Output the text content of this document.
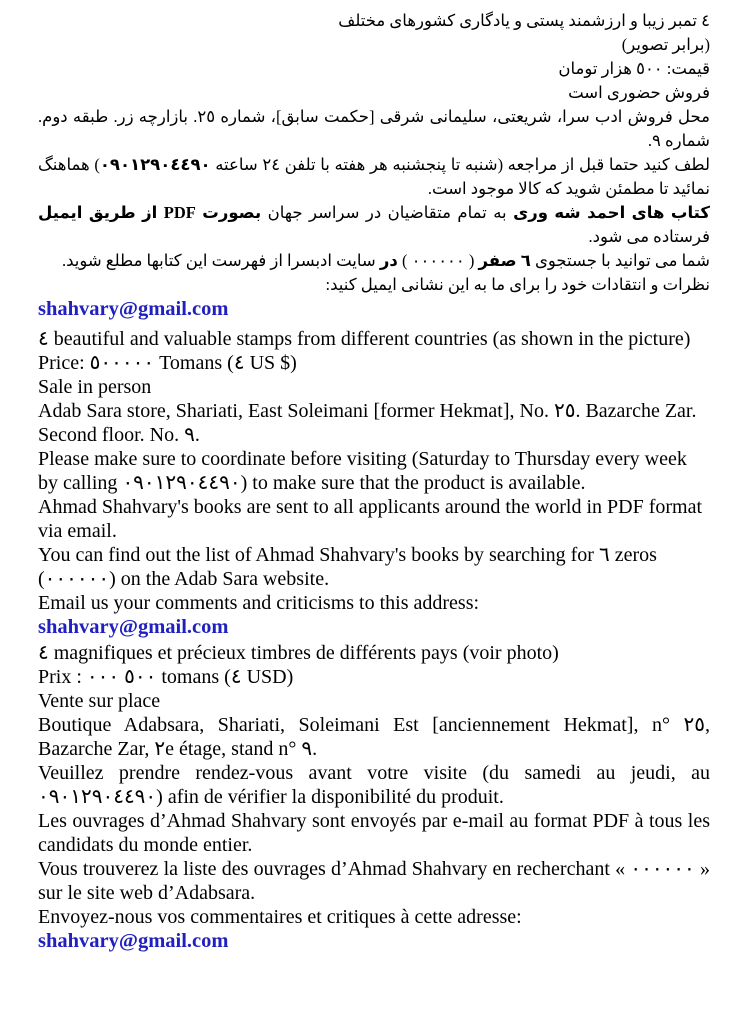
٤ تمبر زیبا و ارزشمند پستی و یادگاری کشورهای مختلف

(برابر تصویر)

قیمت: ٥٠٠ هزار تومان

فروش حضوری است

محل فروش ادب سرا، شریعتی، سلیمانی شرقی [حکمت سابق]، شماره ٢٥. بازارچه زر. طبقه دوم. شماره ٩.

لطف کنید حتما قبل از مراجعه (شنبه تا پنجشنبه هر هفته با تلفن ٢٤ ساعته ٠٩٠١٢٩٠٤٤٩٠) هماهنگ نمائید تا مطمئن شوید که کالا موجود است.

کتاب های احمد شه وری به تمام متقاضیان در سراسر جهان بصورت PDF از طریق ایمیل فرستاده می شود.

شما می توانید با جستجوی ٦ صفر ( ٠٠٠٠٠٠ ) در سایت ادبسرا از فهرست این کتابها مطلع شوید.

نظرات و انتقادات خود را برای ما به این نشانی ایمیل کنید:

shahvary@gmail.com

٤ beautiful and valuable stamps from different countries (as shown in the picture)

Price: ٥٠٠٠٠٠ Tomans (٤ US $)

Sale in person

Adab Sara store, Shariati, East Soleimani [former Hekmat], No. ٢٥. Bazarche Zar. Second floor. No. ٩.

Please make sure to coordinate before visiting (Saturday to Thursday every week by calling ٠٩٠١٢٩٠٤٤٩٠) to make sure that the product is available.

Ahmad Shahvary's books are sent to all applicants around the world in PDF format via email.

You can find out the list of Ahmad Shahvary's books by searching for ٦ zeros (٠٠٠٠٠٠) on the Adab Sara website.

Email us your comments and criticisms to this address:

shahvary@gmail.com

٤ magnifiques et précieux timbres de différents pays (voir photo)

Prix : ٥٠٠ ٠٠٠ tomans (٤ USD)

Vente sur place

Boutique Adabsara, Shariati, Soleimani Est [anciennement Hekmat], n° ٢٥, Bazarche Zar, ٢e étage, stand n° ٩.

Veuillez prendre rendez-vous avant votre visite (du samedi au jeudi, au ٠٩٠١٢٩٠٤٤٩٠) afin de vérifier la disponibilité du produit.

Les ouvrages d’Ahmad Shahvary sont envoyés par e-mail au format PDF à tous les candidats du monde entier.

Vous trouverez la liste des ouvrages d’Ahmad Shahvary en recherchant « ٠٠٠٠٠٠ » sur le site web d’Adabsara.

Envoyez-nous vos commentaires et critiques à cette adresse:

shahvary@gmail.com
